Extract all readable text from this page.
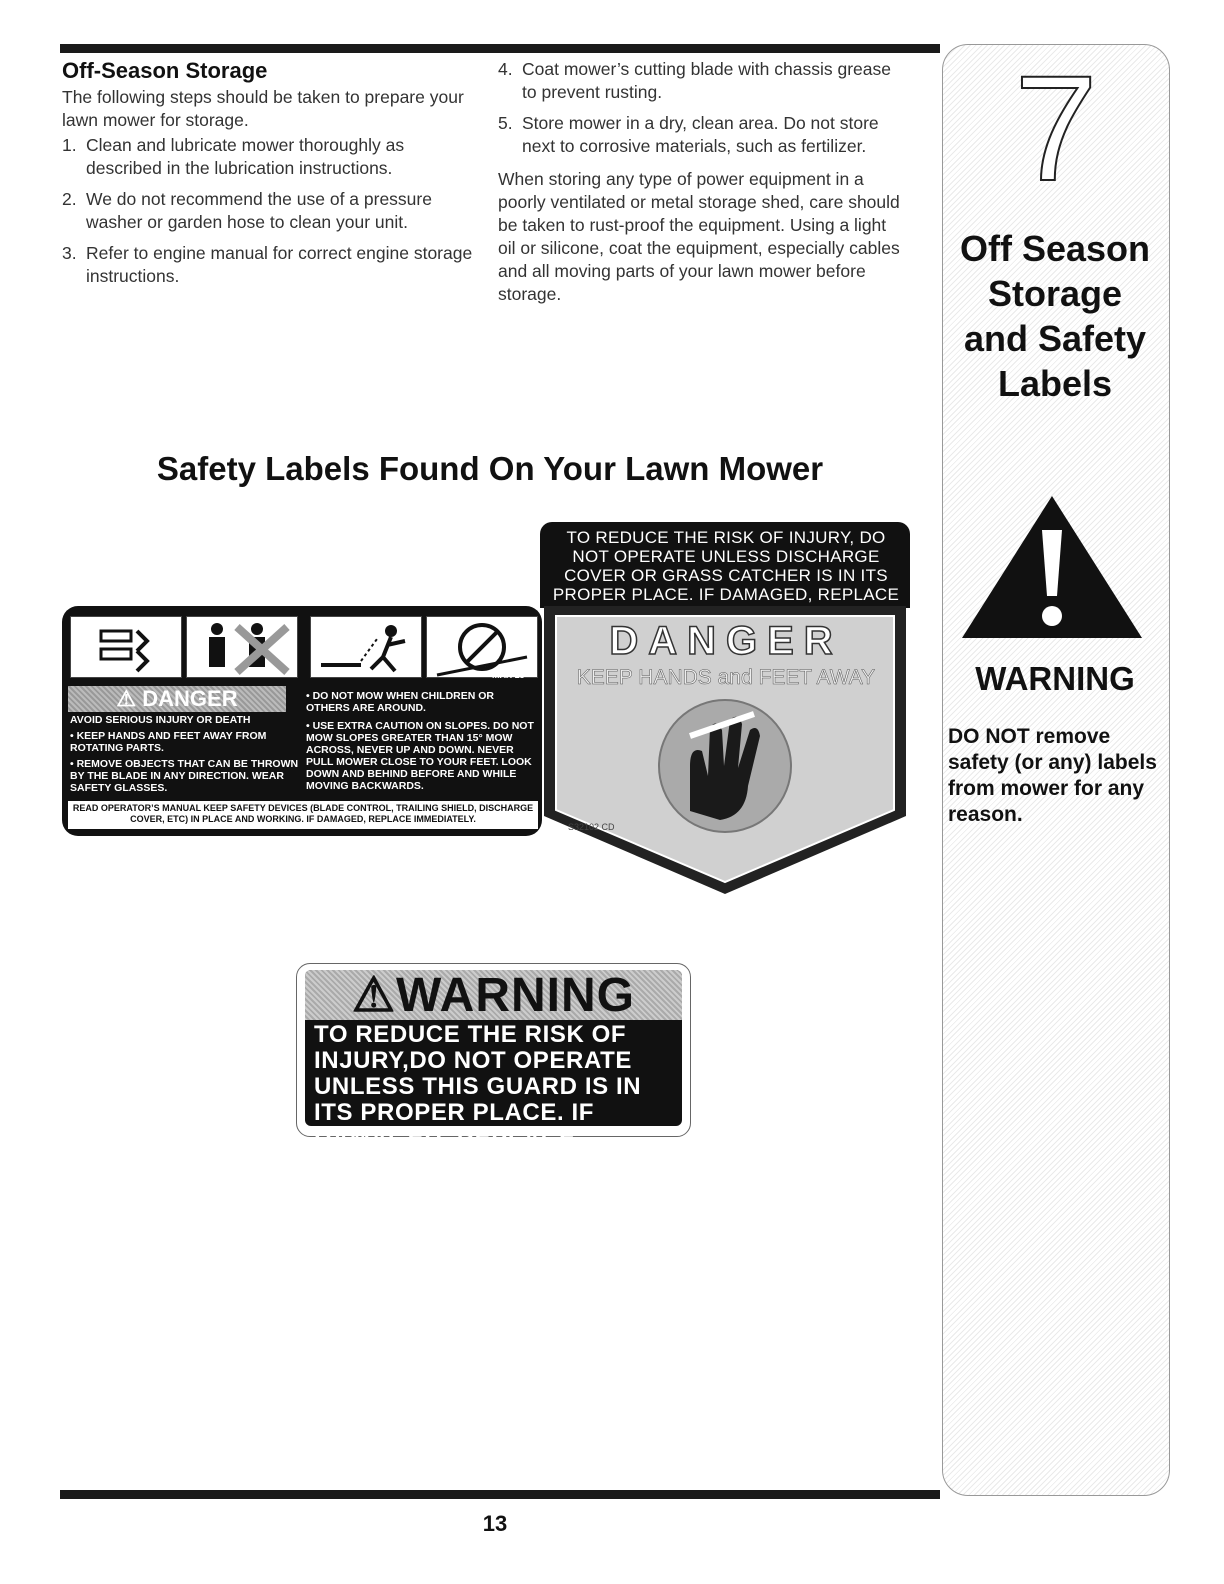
Off-Season Storage
The following steps should be taken to prepare your lawn mower for storage.
1. Clean and lubricate mower thoroughly as described in the lubrication instructions.
2. We do not recommend the use of a pressure washer or garden hose to clean your unit.
3. Refer to engine manual for correct engine storage instructions.
4. Coat mower’s cutting blade with chassis grease to prevent rusting.
5. Store mower in a dry, clean area. Do not store next to corrosive materials, such as fertilizer.
When storing any type of power equipment in a poorly ventilated or metal storage shed, care should be taken to rust-proof the equipment. Using a light oil or silicone, coat the equipment, especially cables and all moving parts of your lawn mower before storage.
Safety Labels Found On Your Lawn Mower
TO REDUCE THE RISK OF INJURY, DO NOT OPERATE UNLESS DISCHARGE COVER OR GRASS CATCHER IS IN ITS PROPER PLACE. IF DAMAGED, REPLACE
MAX 15°
⚠ DANGER
AVOID SERIOUS INJURY OR DEATH
• KEEP HANDS AND FEET AWAY FROM ROTATING PARTS.
• REMOVE OBJECTS THAT CAN BE THROWN BY THE BLADE IN ANY DIRECTION. WEAR SAFETY GLASSES.
• DO NOT MOW WHEN CHILDREN OR OTHERS ARE AROUND.
• USE EXTRA CAUTION ON SLOPES. DO NOT MOW SLOPES GREATER THAN 15° MOW ACROSS, NEVER UP AND DOWN. NEVER PULL MOWER CLOSE TO YOUR FEET. LOOK DOWN AND BEHIND BEFORE AND WHILE MOVING BACKWARDS.
READ OPERATOR’S MANUAL KEEP SAFETY DEVICES (BLADE CONTROL, TRAILING SHIELD, DISCHARGE COVER, ETC) IN PLACE AND WORKING. IF DAMAGED, REPLACE IMMEDIATELY.
DANGER
KEEP HANDS and FEET AWAY
S32102 CD
⚠WARNING
TO REDUCE THE RISK OF INJURY,DO NOT OPERATE UNLESS THIS GUARD IS IN ITS PROPER PLACE. IF DAMAGED, REPLACE IMMEDIATELY.
7
Off Season
Storage
and Safety
Labels
WARNING
DO NOT remove safety (or any) labels from mower for any reason.
13
